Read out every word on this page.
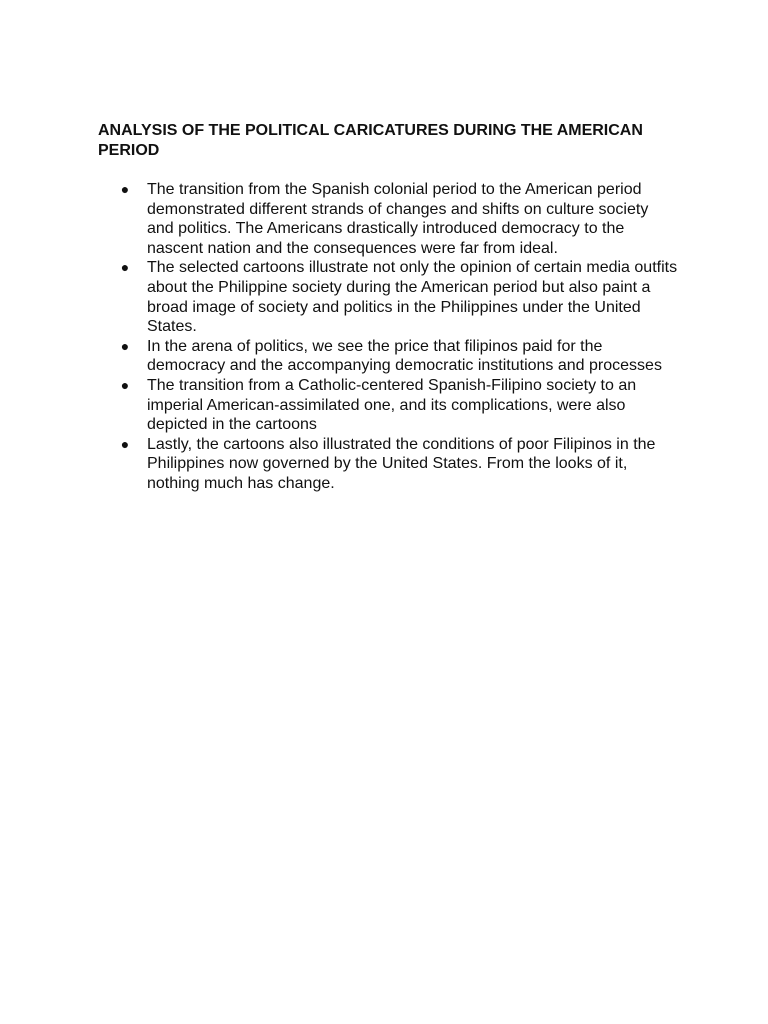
ANALYSIS OF THE POLITICAL CARICATURES DURING THE AMERICAN PERIOD
● The transition from the Spanish colonial period to the American period demonstrated different strands of changes and shifts on culture society and politics. The Americans drastically introduced democracy to the nascent nation and the consequences were far from ideal.
● The selected cartoons illustrate not only the opinion of certain media outfits about the Philippine society during the American period but also paint a broad image of society and politics in the Philippines under the United States.
● In the arena of politics, we see the price that filipinos paid for the democracy and the accompanying democratic institutions and processes
● The transition from a Catholic-centered Spanish-Filipino society to an imperial American-assimilated one, and its complications, were also depicted in the cartoons
● Lastly, the cartoons also illustrated the conditions of poor Filipinos in the Philippines now governed by the United States. From the looks of it, nothing much has change.
